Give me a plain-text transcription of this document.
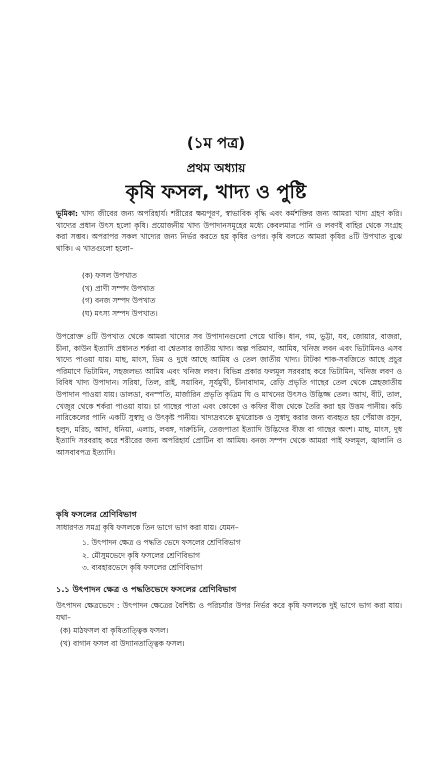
(১ম পত্র)
প্রথম অধ্যায়
কৃষি ফসল, খাদ্য ও পুষ্টি
ভূমিকা: খাদ্য জীবের জন্য অপরিহার্য। শরীরের ক্ষয়পূরণ, স্বাভাবিক বৃদ্ধি এবং কর্মশক্তির জন্য আমরা খাদ্য গ্রহণ করি। খাদ্যের প্রধান উৎস হলো কৃষি। প্রয়োজনীয় খাদ্য উপাদানসমূহের মধ্যে কেবলমাত্র পানি ও লবণই বাহির থেকে সংগ্রহ করা সম্ভব। অপরাপর সকল খাদ্যের জন্য নির্ভর করতে হয় কৃষির ওপর। কৃষি বলতে আমরা কৃষির ৪টি উপখাত বুঝে থাকি। এ খাতগুলো হলো–
(ক) ফসল উপখাত
(খ) প্রাণী সম্পদ উপখাত
(গ) বনজ সম্পদ উপখাত
(ঘ) মৎস্য সম্পদ উপখাত।
উপরোক্ত ৪টি উপখাত থেকে আমরা খাদ্যের সব উপাদানগুলো পেয়ে থাকি। ধান, গম, ভুট্টা, যব, জোয়ার, বাজরা, চীনা, কাউন ইত্যাদি প্রধানত শর্করা বা শ্বেতসার জাতীয় খাদ্য। অল্প পরিমাণ, আমিষ, খনিজ লবন এবং ভিটামিনও এসব খাদ্যে পাওয়া যায়। মাছ, মাংস, ডিম ও দুধে আছে আমিষ ও তেল জাতীয় খাদ্য। টাটকা শাক-সবজিতে আছে প্রচুর পরিমাণে ভিটামিন, সহজলভ্য আমিষ এবং খনিজ লবণ। বিভিন্ন প্রকার ফলমূল সরবরাহ করে ভিটামিন, খনিজ লবণ ও বিবিধ খাদ্য উপাদান। সরিষা, তিল, রাই, সয়াবিন, সূর্যমুখী, চীনাবাদাম, রেড়ি প্রভৃতি গাছের তেল থেকে স্নেহজাতীয় উপাদান পাওয়া যায়। ডালডা, বনস্পতি, মার্জারিন প্রভৃতি কৃত্রিম ঘি ও মাখনের উৎসও উদ্ভিজ্জ তেল। আখ, বীট, তাল, খেজুর থেকে শর্করা পাওয়া যায়। চা গাছের পাতা এবং কোকো ও কফির বীজ থেকে তৈরি করা হয় উত্তম পানীয়। কচি নারিকেলের পানি একটি সুস্বাদু ও উৎকৃষ্ট পানীয়। খাদ্যদ্রব্যকে মুখরোচক ও সুস্বাদু করার জন্য ব্যবহৃত হয় পেঁয়াজ রসুন, হলুদ, মরিচ, আদা, ধনিয়া, এলাচ, লবঙ্গ, দারুচিনি, তেজপাতা ইত্যাদি উদ্ভিদের বীজ বা গাছের অংশ। মাছ, মাংস, দুধ ইত্যাদি সরবরাহ করে শরীরের জন্য অপরিহার্য প্রোটিন বা আমিষ। বনজ সম্পদ থেকে আমরা পাই ফলমূল, জ্বালানি ও আসবাবপত্র ইত্যাদি।
কৃষি ফসলের শ্রেণিবিভাগ
সাধারণত সমগ্র কৃষি ফসলকে তিন ভাগে ভাগ করা যায়। যেমন–
১. উৎপাদন ক্ষেত্র ও পদ্ধতি ভেদে ফসলের শ্রেণিবিভাগ
২. মৌসুমভেদে কৃষি ফসলের শ্রেণিবিভাগ
৩. ব্যবহারভেদে কৃষি ফসলের শ্রেণিবিভাগ
১.১ উৎপাদন ক্ষেত্র ও পদ্ধতিভেদে ফসলের শ্রেণিবিভাগ
উৎপাদন ক্ষেত্রভেদে : উৎপাদন ক্ষেত্রের বৈশিষ্ট্য ও পরিচর্যার উপর নির্ভর করে কৃষি ফসলকে দুই ভাগে ভাগ করা যায়। যথা–
(ক) মাঠফসল বা কৃষিতাত্ত্বিক ফসল।
(খ) বাগান ফসল বা উদ্যানতাত্ত্বিক ফসল।
